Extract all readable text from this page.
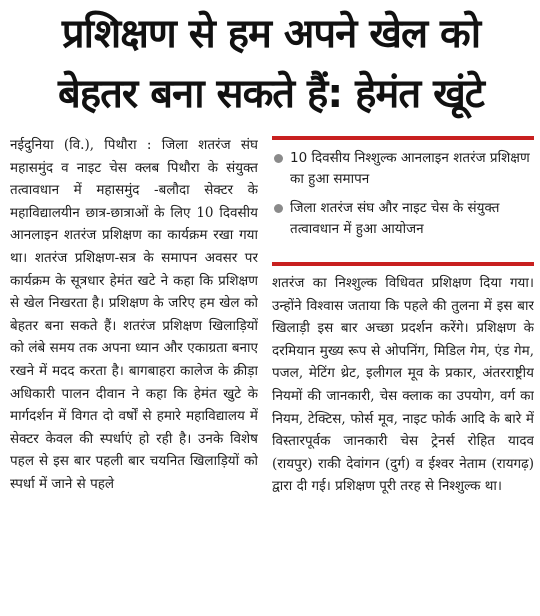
प्रशिक्षण से हम अपने खेल को
बेहतर बना सकते हैं: हेमंत खूंटे
नईदुनिया (वि.), पिथौरा : जिला शतरंज संघ महासमुंद व नाइट चेस क्लब पिथौरा के संयुक्त तत्वावधान में महासमुंद -बलौदा सेक्टर के महाविद्यालयीन छात्र-छात्राओं के लिए 10 दिवसीय आनलाइन शतरंज प्रशिक्षण का कार्यक्रम रखा गया था। शतरंज प्रशिक्षण-सत्र के समापन अवसर पर कार्यक्रम के सूत्रधार हेमंत खटे ने कहा कि प्रशिक्षण से खेल निखरता है। प्रशिक्षण के जरिए हम खेल को बेहतर बना सकते हैं। शतरंज प्रशिक्षण खिलाड़ियों को लंबे समय तक अपना ध्यान और एकाग्रता बनाए रखने में मदद करता है। बागबाहरा कालेज के क्रीड़ा अधिकारी पालन दीवान ने कहा कि हेमंत खुटे के मार्गदर्शन में विगत दो वर्षों से हमारे महाविद्यालय में सेक्टर केवल की स्पर्धाएं हो रही है। उनके विशेष पहल से इस बार पहली बार चयनित खिलाड़ियों को स्पर्धा में जाने से पहले
10 दिवसीय निश्शुल्क आनलाइन शतरंज प्रशिक्षण का हुआ समापन
जिला शतरंज संघ और नाइट चेस के संयुक्त तत्वावधान में हुआ आयोजन
शतरंज का निश्शुल्क विधिवत प्रशिक्षण दिया गया। उन्होंने विश्वास जताया कि पहले की तुलना में इस बार खिलाड़ी इस बार अच्छा प्रदर्शन करेंगे। प्रशिक्षण के दरमियान मुख्य रूप से ओपनिंग, मिडिल गेम, एंड गेम, पजल, मेटिंग थ्रेट, इलीगल मूव के प्रकार, अंतरराष्ट्रीय नियमों की जानकारी, चेस क्लाक का उपयोग, वर्ग का नियम, टेक्टिस, फोर्स मूव, नाइट फोर्क आदि के बारे में विस्तारपूर्वक जानकारी चेस ट्रेनर्स रोहित यादव (रायपुर) राकी देवांगन (दुर्ग) व ईश्वर नेताम (रायगढ़) द्वारा दी गई। प्रशिक्षण पूरी तरह से निश्शुल्क था।
